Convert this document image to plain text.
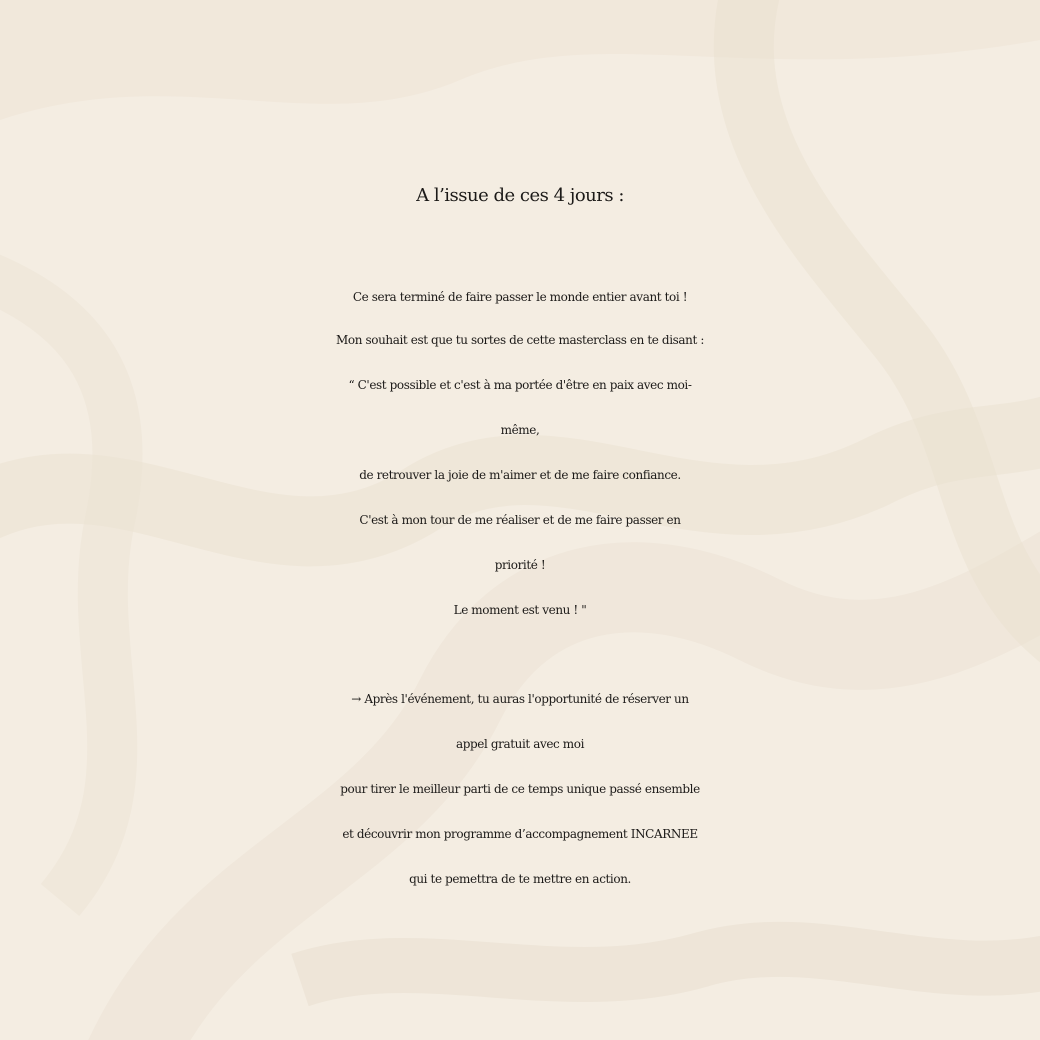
A l’issue de ces 4 jours :

Ce sera terminé de faire passer le monde entier avant toi !

Mon souhait est que tu sortes de cette masterclass en te disant :

“ C'est possible et c'est à ma portée d'être en paix avec moi-

même,

de retrouver la joie de m'aimer et de me faire confiance.

C'est à mon tour de me réaliser et de me faire passer en

priorité !

Le moment est venu ! "

→ Après l'événement, tu auras l'opportunité de réserver un

appel gratuit avec moi

pour tirer le meilleur parti de ce temps unique passé ensemble

et découvrir mon programme d’accompagnement INCARNEE

qui te pemettra de te mettre en action.
